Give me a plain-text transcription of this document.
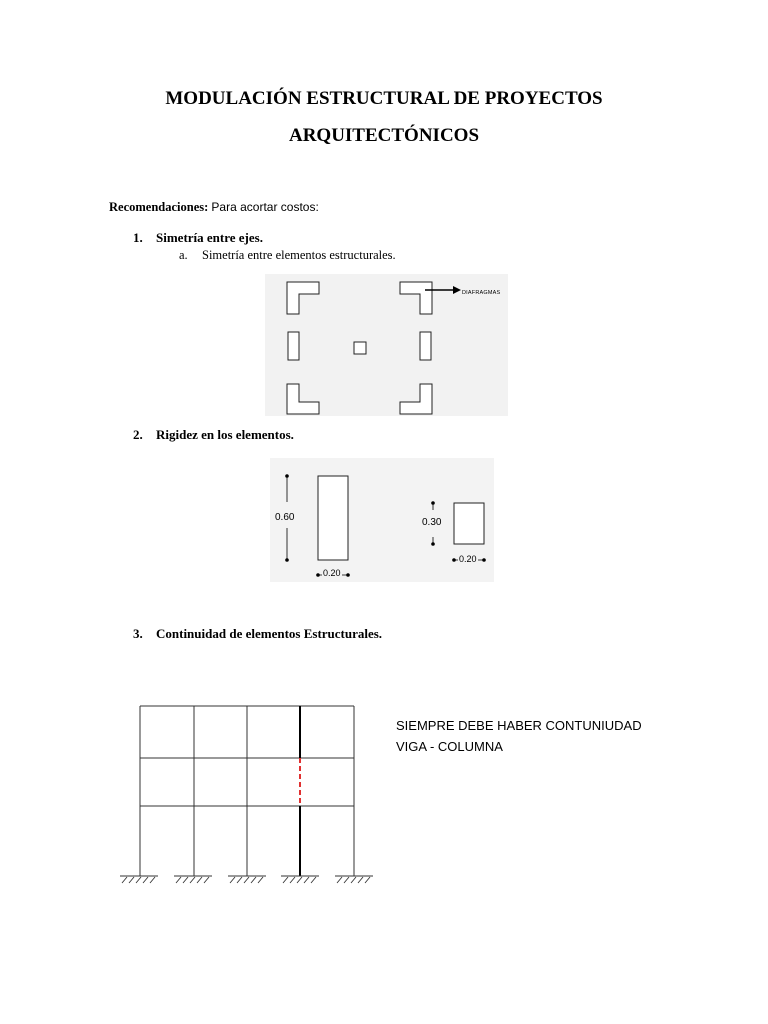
MODULACIÓN ESTRUCTURAL DE PROYECTOS
ARQUITECTÓNICOS
Recomendaciones: Para acortar costos:
1. Simetría entre ejes.
a. Simetría entre elementos estructurales.
DIAFRAGMAS
2. Rigidez en los elementos.
0.60
0.20
0.30
0.20
3. Continuidad de elementos Estructurales.
SIEMPRE DEBE HABER CONTUNIUDAD
VIGA - COLUMNA
